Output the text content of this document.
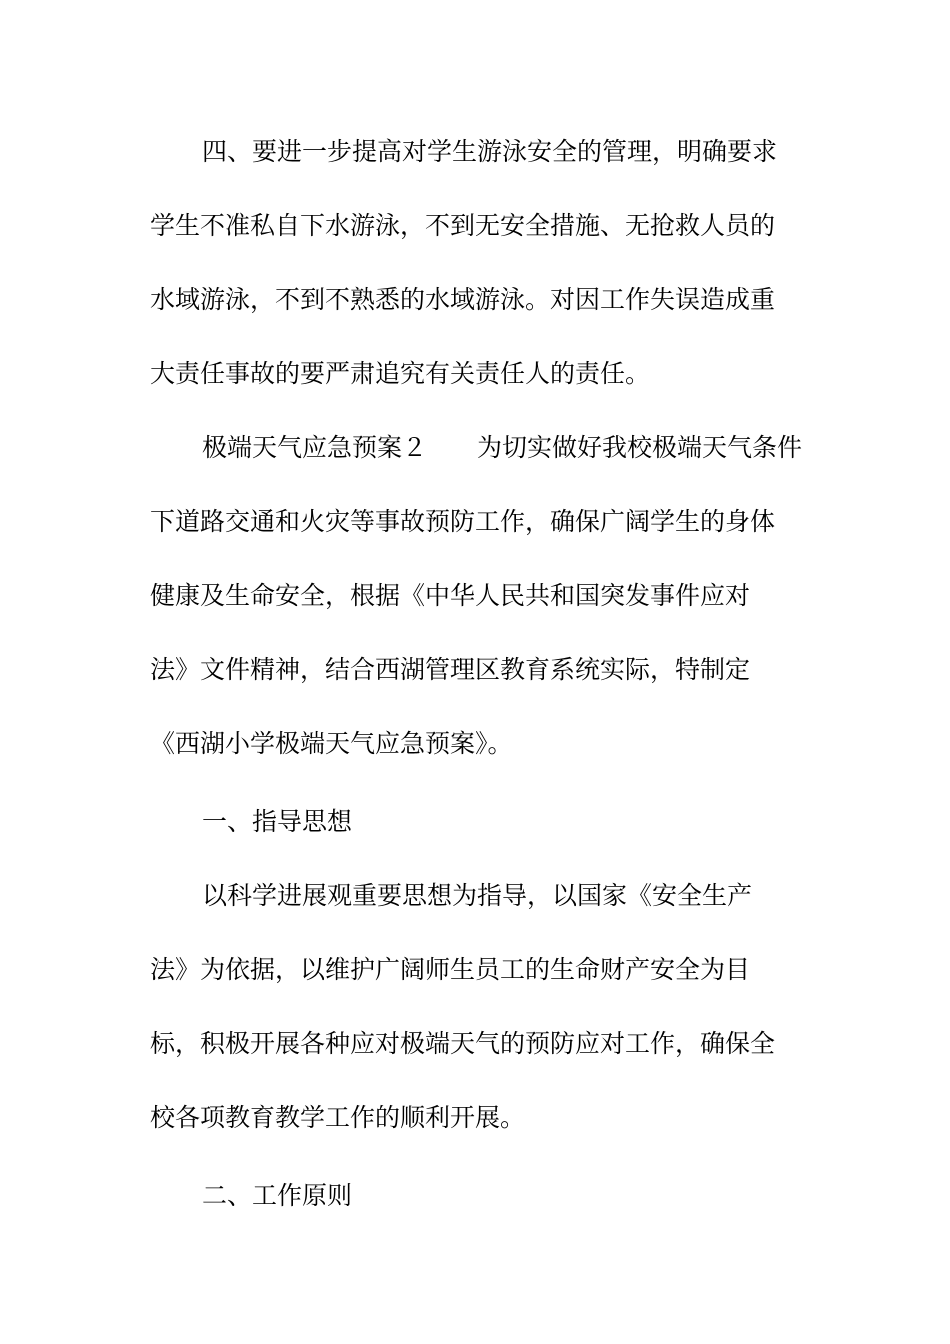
四、要进一步提高对学生游泳安全的管理，明确要求
学生不准私自下水游泳，不到无安全措施、无抢救人员的
水域游泳，不到不熟悉的水域游泳。对因工作失误造成重
大责任事故的要严肃追究有关责任人的责任。
极端天气应急预案２　　为切实做好我校极端天气条件
下道路交通和火灾等事故预防工作，确保广阔学生的身体
健康及生命安全，根据《中华人民共和国突发事件应对
法》文件精神，结合西湖管理区教育系统实际，特制定
《西湖小学极端天气应急预案》。
一、指导思想
以科学进展观重要思想为指导，以国家《安全生产
法》为依据，以维护广阔师生员工的生命财产安全为目
标，积极开展各种应对极端天气的预防应对工作，确保全
校各项教育教学工作的顺利开展。
二、工作原则
